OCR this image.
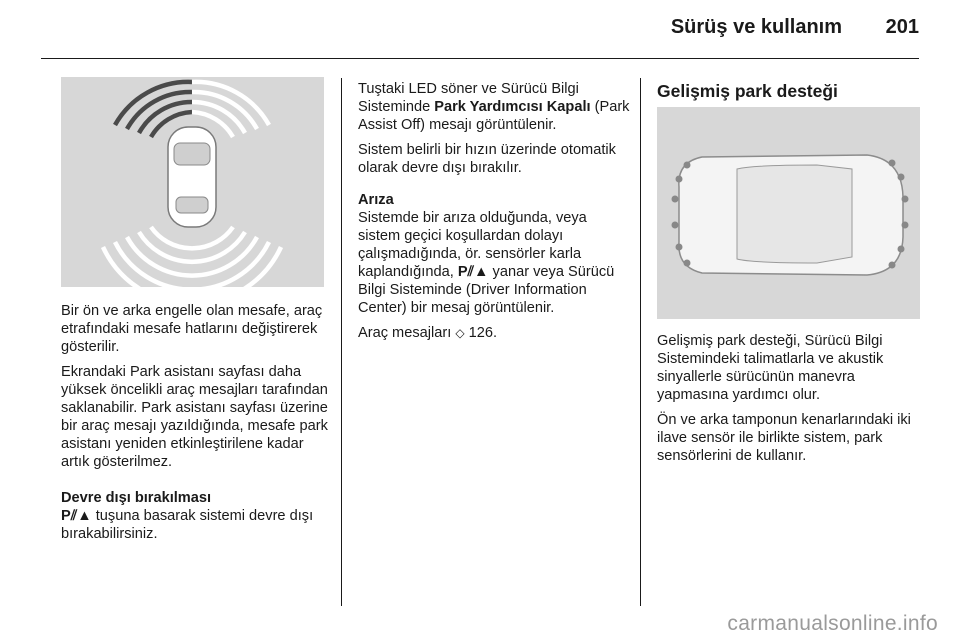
Sürüş ve kullanım 201

Bir ön ve arka engelle olan mesafe, araç etrafındaki mesafe hatlarını değiştirerek gösterilir.

Ekrandaki Park asistanı sayfası daha yüksek öncelikli araç mesajları tarafından saklanabilir. Park asistanı sayfası üzerine bir araç mesajı yazıldığında, mesafe park asistanı yeniden etkinleştirilene kadar artık gösterilmez.

Devre dışı bırakılması

P⫽▲ tuşuna basarak sistemi devre dışı bırakabilirsiniz.

Tuştaki LED söner ve Sürücü Bilgi Sisteminde Park Yardımcısı Kapalı (Park Assist Off) mesajı görüntülenir.

Sistem belirli bir hızın üzerinde otomatik olarak devre dışı bırakılır.

Arıza

Sistemde bir arıza olduğunda, veya sistem geçici koşullardan dolayı çalışmadığında, ör. sensörler karla kaplandığında, P⫽▲ yanar veya Sürücü Bilgi Sisteminde (Driver Information Center) bir mesaj görüntülenir.

Araç mesajları ◇ 126.

Gelişmiş park desteği

Gelişmiş park desteği, Sürücü Bilgi Sistemindeki talimatlarla ve akustik sinyallerle sürücünün manevra yapmasına yardımcı olur.

Ön ve arka tamponun kenarlarındaki iki ilave sensör ile birlikte sistem, park sensörlerini de kullanır.

carmanualsonline.info
